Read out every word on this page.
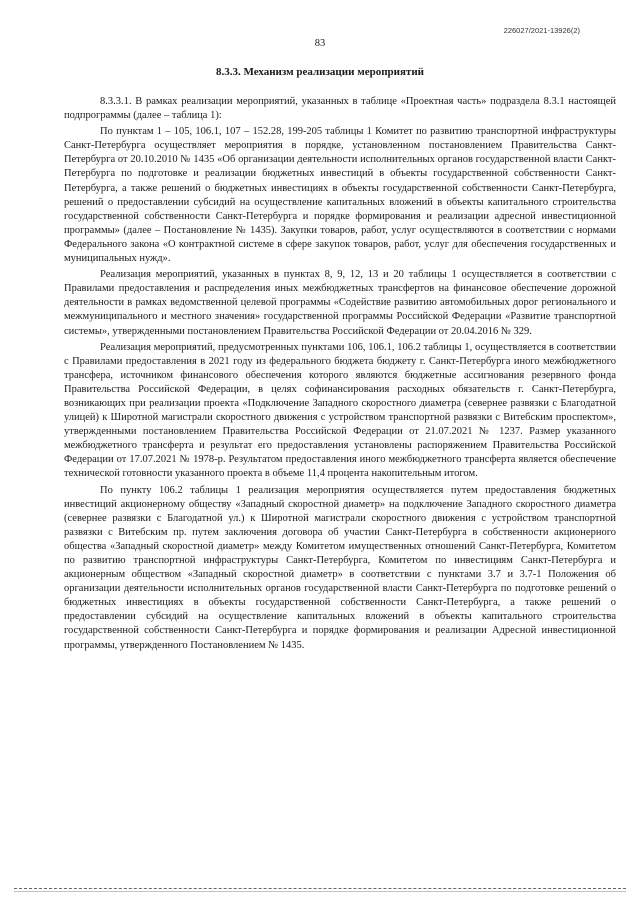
226027/2021-13926(2)
83
8.3.3. Механизм реализации мероприятий

8.3.3.1. В рамках реализации мероприятий, указанных в таблице «Проектная часть» подраздела 8.3.1 настоящей подпрограммы (далее – таблица 1):

По пунктам 1 – 105, 106.1, 107 – 152.28, 199-205 таблицы 1 Комитет по развитию транспортной инфраструктуры Санкт-Петербурга осуществляет мероприятия в порядке, установленном постановлением Правительства Санкт-Петербурга от 20.10.2010 № 1435 «Об организации деятельности исполнительных органов государственной власти Санкт-Петербурга по подготовке и реализации бюджетных инвестиций в объекты государственной собственности Санкт-Петербурга, а также решений о бюджетных инвестициях в объекты государственной собственности Санкт-Петербурга, решений о предоставлении субсидий на осуществление капитальных вложений в объекты капитального строительства государственной собственности Санкт-Петербурга и порядке формирования и реализации адресной инвестиционной программы» (далее – Постановление № 1435). Закупки товаров, работ, услуг осуществляются в соответствии с нормами Федерального закона «О контрактной системе в сфере закупок товаров, работ, услуг для обеспечения государственных и муниципальных нужд».

Реализация мероприятий, указанных в пунктах 8, 9, 12, 13 и 20 таблицы 1 осуществляется в соответствии с Правилами предоставления и распределения иных межбюджетных трансфертов на финансовое обеспечение дорожной деятельности в рамках ведомственной целевой программы «Содействие развитию автомобильных дорог регионального и межмуниципального и местного значения» государственной программы Российской Федерации «Развитие транспортной системы», утвержденными постановлением Правительства Российской Федерации от 20.04.2016 № 329.

Реализация мероприятий, предусмотренных пунктами 106, 106.1, 106.2 таблицы 1, осуществляется в соответствии с Правилами предоставления в 2021 году из федерального бюджета бюджету г. Санкт-Петербурга иного межбюджетного трансфера, источником финансового обеспечения которого являются бюджетные ассигнования резервного фонда Правительства Российской Федерации, в целях софинансирования расходных обязательств г. Санкт-Петербурга, возникающих при реализации проекта «Подключение Западного скоростного диаметра (севернее развязки с Благодатной улицей) к Широтной магистрали скоростного движения с устройством транспортной развязки с Витебским проспектом», утвержденными постановлением Правительства Российской Федерации от 21.07.2021 № 1237. Размер указанного межбюджетного трансферта и результат его предоставления установлены распоряжением Правительства Российской Федерации от 17.07.2021 № 1978-р. Результатом предоставления иного межбюджетного трансферта является обеспечение технической готовности указанного проекта в объеме 11,4 процента накопительным итогом.

По пункту 106.2 таблицы 1 реализация мероприятия осуществляется путем предоставления бюджетных инвестиций акционерному обществу «Западный скоростной диаметр» на подключение Западного скоростного диаметра (севернее развязки с Благодатной ул.) к Широтной магистрали скоростного движения с устройством транспортной развязки с Витебским пр. путем заключения договора об участии Санкт-Петербурга в собственности акционерного общества «Западный скоростной диаметр» между Комитетом имущественных отношений Санкт-Петербурга, Комитетом по развитию транспортной инфраструктуры Санкт-Петербурга, Комитетом по инвестициям Санкт-Петербурга и акционерным обществом «Западный скоростной диаметр» в соответствии с пунктами 3.7 и 3.7-1 Положения об организации деятельности исполнительных органов государственной власти Санкт-Петербурга по подготовке решений о бюджетных инвестициях в объекты государственной собственности Санкт-Петербурга, а также решений о предоставлении субсидий на осуществление капитальных вложений в объекты капитального строительства государственной собственности Санкт-Петербурга и порядке формирования и реализации Адресной инвестиционной программы, утвержденного Постановлением № 1435.
